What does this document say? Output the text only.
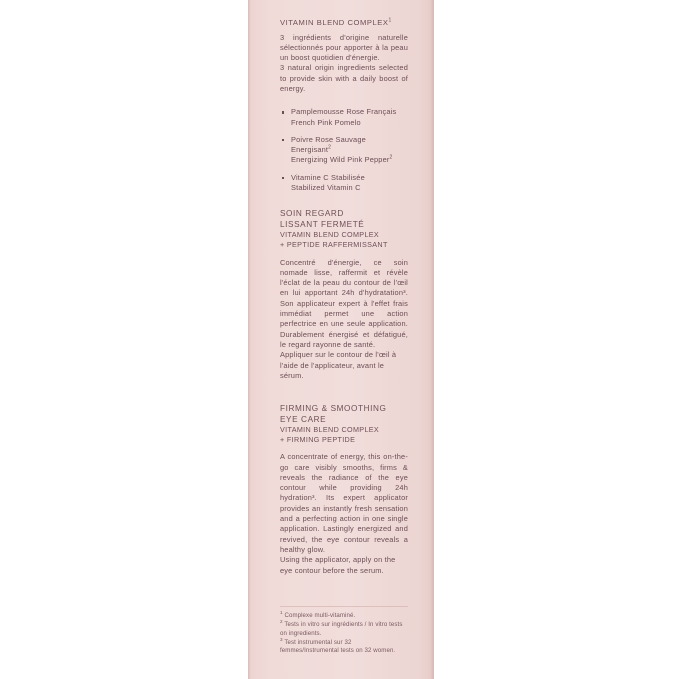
VITAMIN BLEND COMPLEX$^1$
3 ingrédients d'origine naturelle sélectionnés pour apporter à la peau un boost quotidien d'énergie.
3 natural origin ingredients selected to provide skin with a daily boost of energy.
Pamplemousse Rose Français
French Pink Pomelo
Poivre Rose Sauvage Energisant$^2$
Energizing Wild Pink Pepper$^2$
Vitamine C Stabilisée
Stabilized Vitamin C
SOIN REGARD
LISSANT FERMETÉ
VITAMIN BLEND COMPLEX
+ PEPTIDE RAFFERMISSANT
Concentré d'énergie, ce soin nomade lisse, raffermit et révèle l'éclat de la peau du contour de l'œil en lui apportant 24h d'hydratation³. Son applicateur expert à l'effet frais immédiat permet une action perfectrice en une seule application. Durablement énergisé et défatigué, le regard rayonne de santé.
Appliquer sur le contour de l'œil à l'aide de l'applicateur, avant le sérum.
FIRMING & SMOOTHING
EYE CARE
VITAMIN BLEND COMPLEX
+ FIRMING PEPTIDE
A concentrate of energy, this on-the-go care visibly smooths, firms & reveals the radiance of the eye contour while providing 24h hydration³. Its expert applicator provides an instantly fresh sensation and a perfecting action in one single application. Lastingly energized and revived, the eye contour reveals a healthy glow.
Using the applicator, apply on the eye contour before the serum.
$^1$ Complexe multi-vitaminé.
$^2$ Tests in vitro sur ingrédients / In vitro tests on ingredients.
$^3$ Test instrumental sur 32 femmes/Instrumental tests on 32 women.
